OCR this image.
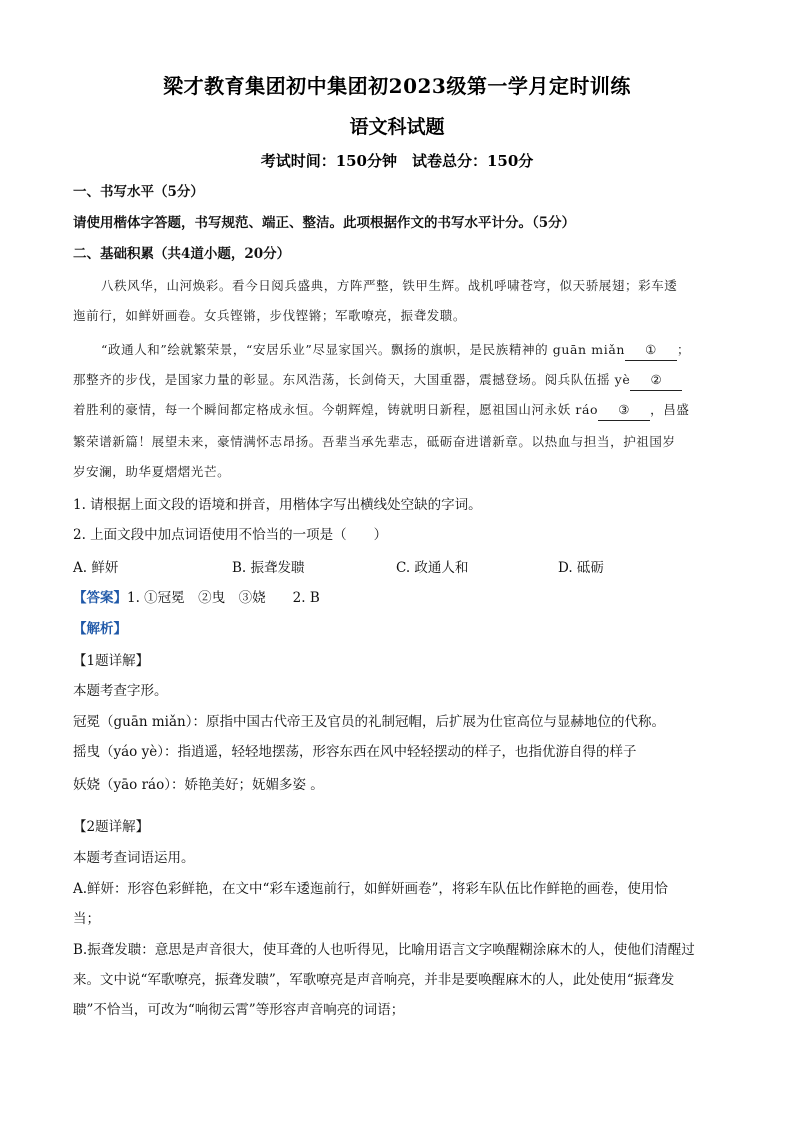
梁才教育集团初中集团初2023级第一学月定时训练
语文科试题
考试时间：150分钟　试卷总分：150分
一、书写水平（5分）
请使用楷体字答题，书写规范、端正、整洁。此项根据作文的书写水平计分。（5分）
二、基础积累（共4道小题，20分）
八秩风华，山河焕彩。看今日阅兵盛典，方阵严整，铁甲生辉。战机呼啸苍穹，似天骄展翅；彩车逶
迤前行，如鲜妍画卷。女兵铿锵，步伐铿锵；军歌嘹亮，振聋发聩。
“政通人和”绘就繁荣景，“安居乐业”尽显家国兴。飘扬的旗帜，是民族精神的 guān miǎn ① ；
那整齐的步伐，是国家力量的彰显。东风浩荡，长剑倚天，大国重器，震撼登场。阅兵队伍摇 yè ②
着胜利的豪情，每一个瞬间都定格成永恒。今朝辉煌，铸就明日新程，愿祖国山河永妖 ráo ③ ，昌盛
繁荣谱新篇！展望未来，豪情满怀志昂扬。吾辈当承先辈志，砥砺奋进谱新章。以热血与担当，护祖国岁
岁安澜，助华夏熠熠光芒。
1. 请根据上面文段的语境和拼音，用楷体字写出横线处空缺的字词。
2. 上面文段中加点词语使用不恰当的一项是（　　）
A. 鲜妍	B. 振聋发聩	C. 政通人和	D. 砥砺
【答案】1. ①冠冕　②曳　③娆　　2. B
【解析】
【1题详解】
本题考查字形。
冠冕（guān miǎn）：原指中国古代帝王及官员的礼制冠帽，后扩展为仕宦高位与显赫地位的代称。
摇曳（yáo yè）：指逍遥，轻轻地摆荡，形容东西在风中轻轻摆动的样子，也指优游自得的样子
妖娆（yāo ráo）：娇艳美好；妩媚多姿 。
【2题详解】
本题考查词语运用。
A.鲜妍：形容色彩鲜艳，在文中“彩车逶迤前行，如鲜妍画卷”，将彩车队伍比作鲜艳的画卷，使用恰
当；
B.振聋发聩：意思是声音很大，使耳聋的人也听得见，比喻用语言文字唤醒糊涂麻木的人，使他们清醒过
来。文中说“军歌嘹亮，振聋发聩”，军歌嘹亮是声音响亮，并非是要唤醒麻木的人，此处使用“振聋发
聩”不恰当，可改为“响彻云霄”等形容声音响亮的词语；
